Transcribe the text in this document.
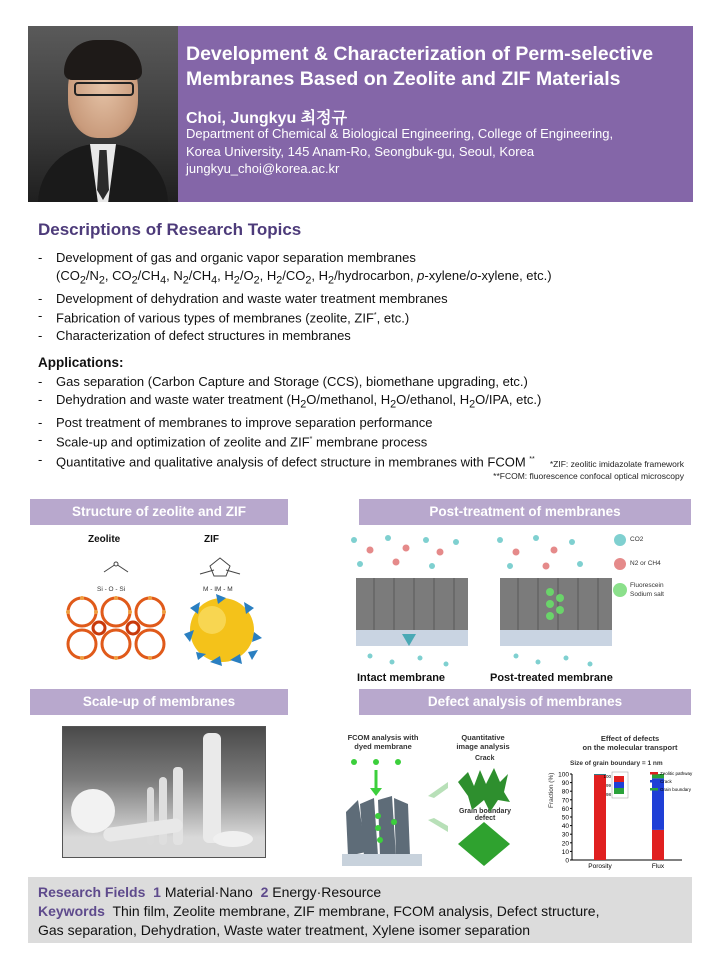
Development & Characterization of Perm-selective
Membranes Based on Zeolite and ZIF Materials
Choi, Jungkyu 최정규
Department of Chemical & Biological Engineering, College of Engineering,
Korea University, 145 Anam-Ro, Seongbuk-gu, Seoul, Korea
jungkyu_choi@korea.ac.kr
Descriptions of Research Topics
- Development of gas and organic vapor separation membranes
($CO_2/N_2$, $CO_2/CH_4$, $N_2/CH_4$, $H_2/O_2$, $H_2/CO_2$, $H_2$/hydrocarbon, p-xylene/o-xylene, etc.)
- Development of dehydration and waste water treatment membranes
- Fabrication of various types of membranes (zeolite, ZIF*, etc.)
- Characterization of defect structures in membranes
Applications:
- Gas separation (Carbon Capture and Storage (CCS), biomethane upgrading, etc.)
- Dehydration and waste water treatment ($H_2O$/methanol, $H_2O$/ethanol, $H_2O$/IPA, etc.)
- Post treatment of membranes to improve separation performance
- Scale-up and optimization of zeolite and ZIF* membrane process
- Quantitative and qualitative analysis of defect structure in membranes with FCOM **	*ZIF: zeolitic imidazolate framework
**FCOM: fluorescence confocal optical microscopy
Structure of zeolite and ZIF	Post-treatment of membranes
Scale-up of membranes	Defect analysis of membranes
Zeolite	ZIF
Si - O - Si	M - IM - M
CO2
N2 or CH4
Fluorescein
Sodium salt
Intact membrane	Post-treated membrane
FCOM analysis with
dyed membrane
Quantitative
image analysis
Crack
Grain boundary
defect
Effect of defects
on the molecular transport
Size of grain boundary = 1 nm
0
10
20
30
40
50
60
70
80
90
100
Porosity	Flux
100
99
98
Zeolitic pathway
Crack
Grain boundary
Fraction (%)
Research Fields 1 Material·Nano 2 Energy·Resource
Keywords Thin film, Zeolite membrane, ZIF membrane, FCOM analysis, Defect structure,
Gas separation, Dehydration, Waste water treatment, Xylene isomer separation
